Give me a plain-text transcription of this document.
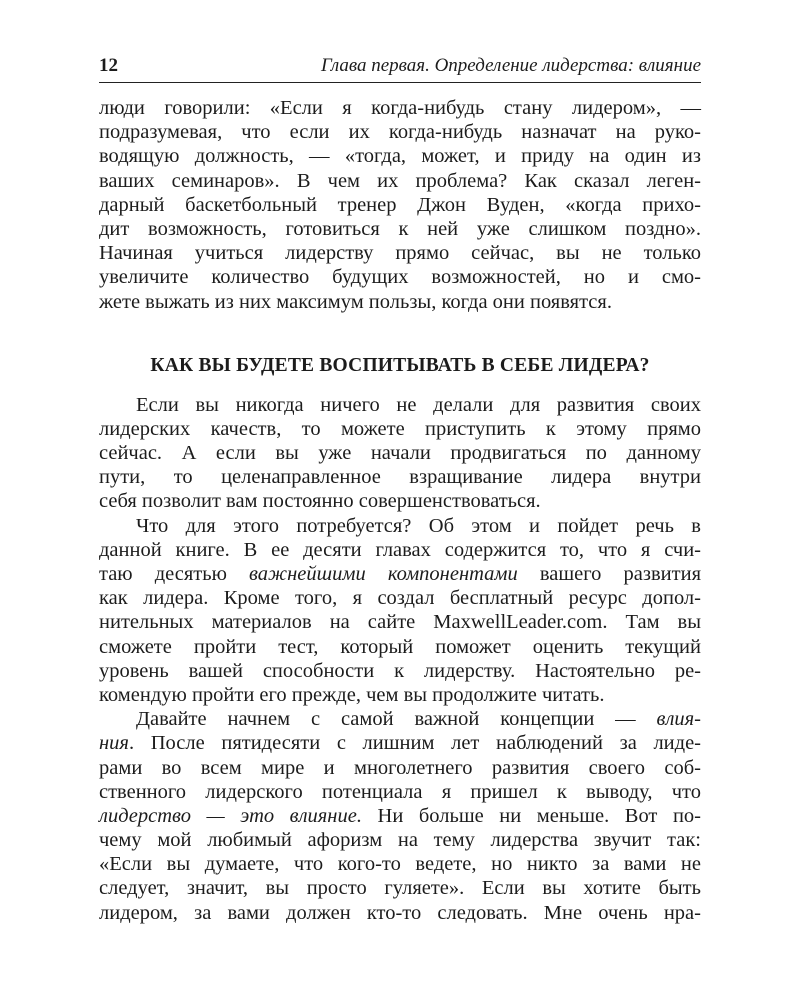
12	Глава первая. Определение лидерства: влияние
люди говорили: «Если я когда-нибудь стану лидером», —
подразумевая, что если их когда-нибудь назначат на руко-
водящую должность, — «тогда, может, и приду на один из
ваших семинаров». В чем их проблема? Как сказал леген-
дарный баскетбольный тренер Джон Вуден, «когда прихо-
дит возможность, готовиться к ней уже слишком поздно».
Начиная учиться лидерству прямо сейчас, вы не только
увеличите количество будущих возможностей, но и смо-
жете выжать из них максимум пользы, когда они появятся.
КАК ВЫ БУДЕТЕ ВОСПИТЫВАТЬ В СЕБЕ ЛИДЕРА?
Если вы никогда ничего не делали для развития своих
лидерских качеств, то можете приступить к этому прямо
сейчас. А если вы уже начали продвигаться по данному
пути, то целенаправленное взращивание лидера внутри
себя позволит вам постоянно совершенствоваться.
Что для этого потребуется? Об этом и пойдет речь в
данной книге. В ее десяти главах содержится то, что я счи-
таю десятью важнейшими компонентами вашего развития
как лидера. Кроме того, я создал бесплатный ресурс допол-
нительных материалов на сайте MaxwellLeader.com. Там вы
сможете пройти тест, который поможет оценить текущий
уровень вашей способности к лидерству. Настоятельно ре-
комендую пройти его прежде, чем вы продолжите читать.
Давайте начнем с самой важной концепции — влия-
ния. После пятидесяти с лишним лет наблюдений за лиде-
рами во всем мире и многолетнего развития своего соб-
ственного лидерского потенциала я пришел к выводу, что
лидерство — это влияние. Ни больше ни меньше. Вот по-
чему мой любимый афоризм на тему лидерства звучит так:
«Если вы думаете, что кого-то ведете, но никто за вами не
следует, значит, вы просто гуляете». Если вы хотите быть
лидером, за вами должен кто-то следовать. Мне очень нра-
